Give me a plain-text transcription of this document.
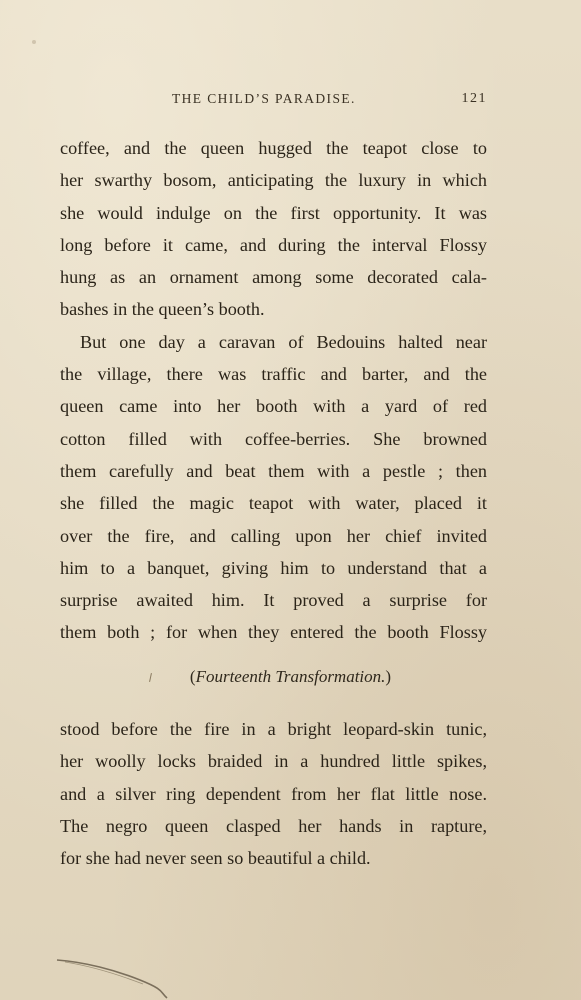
THE CHILD’S PARADISE.	121
coffee, and the queen hugged the teapot close to
her swarthy bosom, anticipating the luxury in which
she would indulge on the first opportunity. It was
long before it came, and during the interval Flossy
hung as an ornament among some decorated cala-
bashes in the queen’s booth.
But one day a caravan of Bedouins halted near
the village, there was traffic and barter, and the
queen came into her booth with a yard of red
cotton filled with coffee-berries. She browned
them carefully and beat them with a pestle ; then
she filled the magic teapot with water, placed it
over the fire, and calling upon her chief invited
him to a banquet, giving him to understand that a
surprise awaited him. It proved a surprise for
them both ; for when they entered the booth Flossy
(Fourteenth Transformation.)
stood before the fire in a bright leopard-skin tunic,
her woolly locks braided in a hundred little spikes,
and a silver ring dependent from her flat little nose.
The negro queen clasped her hands in rapture,
for she had never seen so beautiful a child.
